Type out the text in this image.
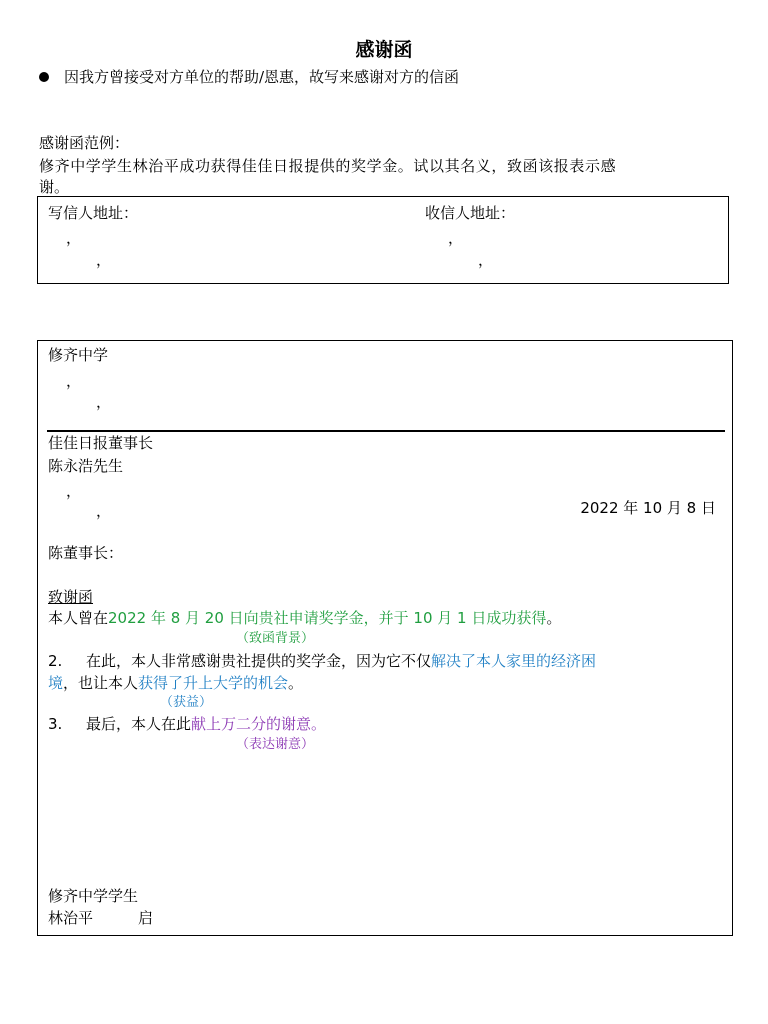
感谢函
因我方曾接受对方单位的帮助/恩惠，故写来感谢对方的信函
感谢函范例：
修齐中学学生林治平成功获得佳佳日报提供的奖学金。试以其名义，致函该报表示感
谢。
写信人地址：
，
，
收信人地址：
，
，
修齐中学
，
，
佳佳日报董事长
陈永浩先生
，
，	2022 年 10 月 8 日
陈董事长：
致谢函
本人曾在2022 年 8 月 20 日向贵社申请奖学金，并于 10 月 1 日成功获得。
（致函背景）
2. 在此，本人非常感谢贵社提供的奖学金，因为它不仅解决了本人家里的经济困
境，也让本人获得了升上大学的机会。
（获益）
3. 最后，本人在此献上万二分的谢意。
（表达谢意）
修齐中学学生
林治平	启
